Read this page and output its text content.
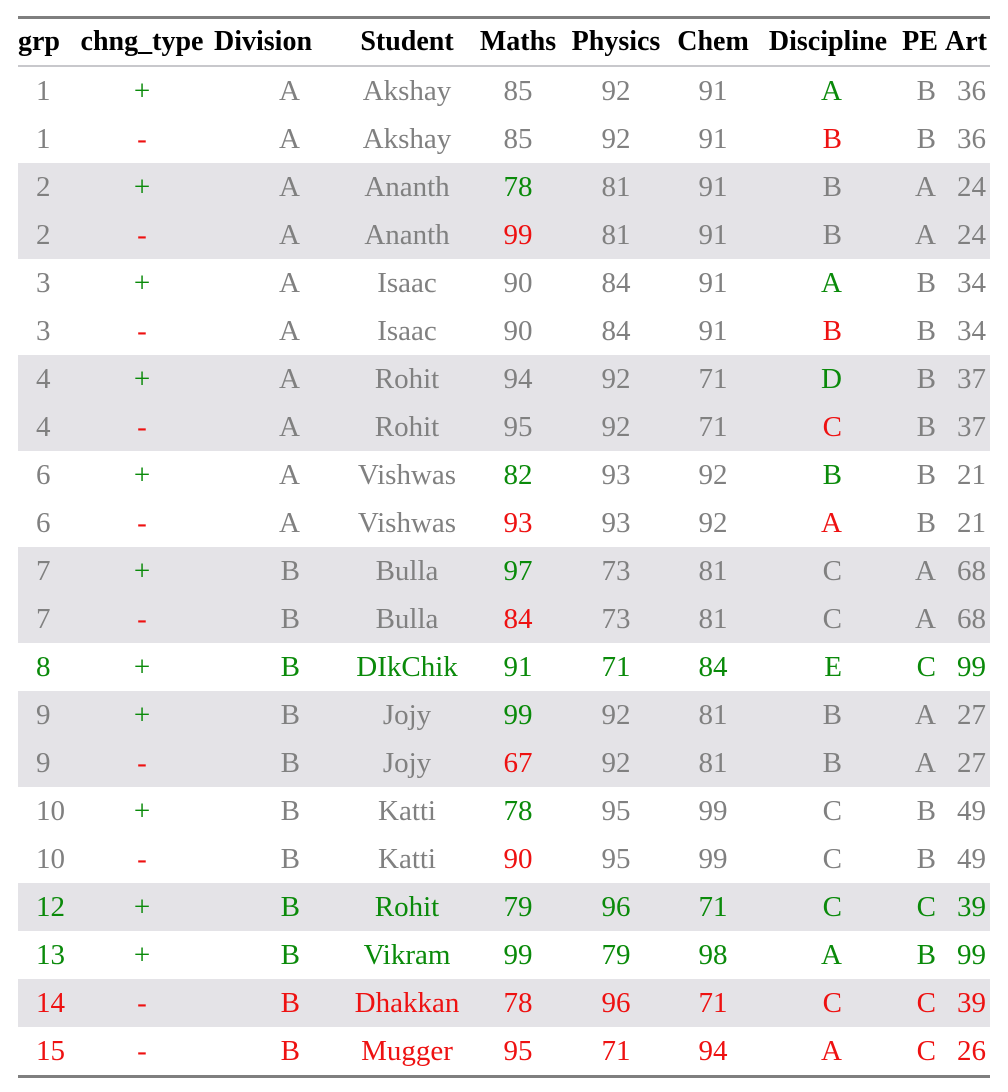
grp	chng_type	Division	Student	Maths	Physics	Chem	Discipline	PE	Art
1	+	A	Akshay	85	92	91	A	B	36
1	-	A	Akshay	85	92	91	B	B	36
2	+	A	Ananth	78	81	91	B	A	24
2	-	A	Ananth	99	81	91	B	A	24
3	+	A	Isaac	90	84	91	A	B	34
3	-	A	Isaac	90	84	91	B	B	34
4	+	A	Rohit	94	92	71	D	B	37
4	-	A	Rohit	95	92	71	C	B	37
6	+	A	Vishwas	82	93	92	B	B	21
6	-	A	Vishwas	93	93	92	A	B	21
7	+	B	Bulla	97	73	81	C	A	68
7	-	B	Bulla	84	73	81	C	A	68
8	+	B	DIkChik	91	71	84	E	C	99
9	+	B	Jojy	99	92	81	B	A	27
9	-	B	Jojy	67	92	81	B	A	27
10	+	B	Katti	78	95	99	C	B	49
10	-	B	Katti	90	95	99	C	B	49
12	+	B	Rohit	79	96	71	C	C	39
13	+	B	Vikram	99	79	98	A	B	99
14	-	B	Dhakkan	78	96	71	C	C	39
15	-	B	Mugger	95	71	94	A	C	26
